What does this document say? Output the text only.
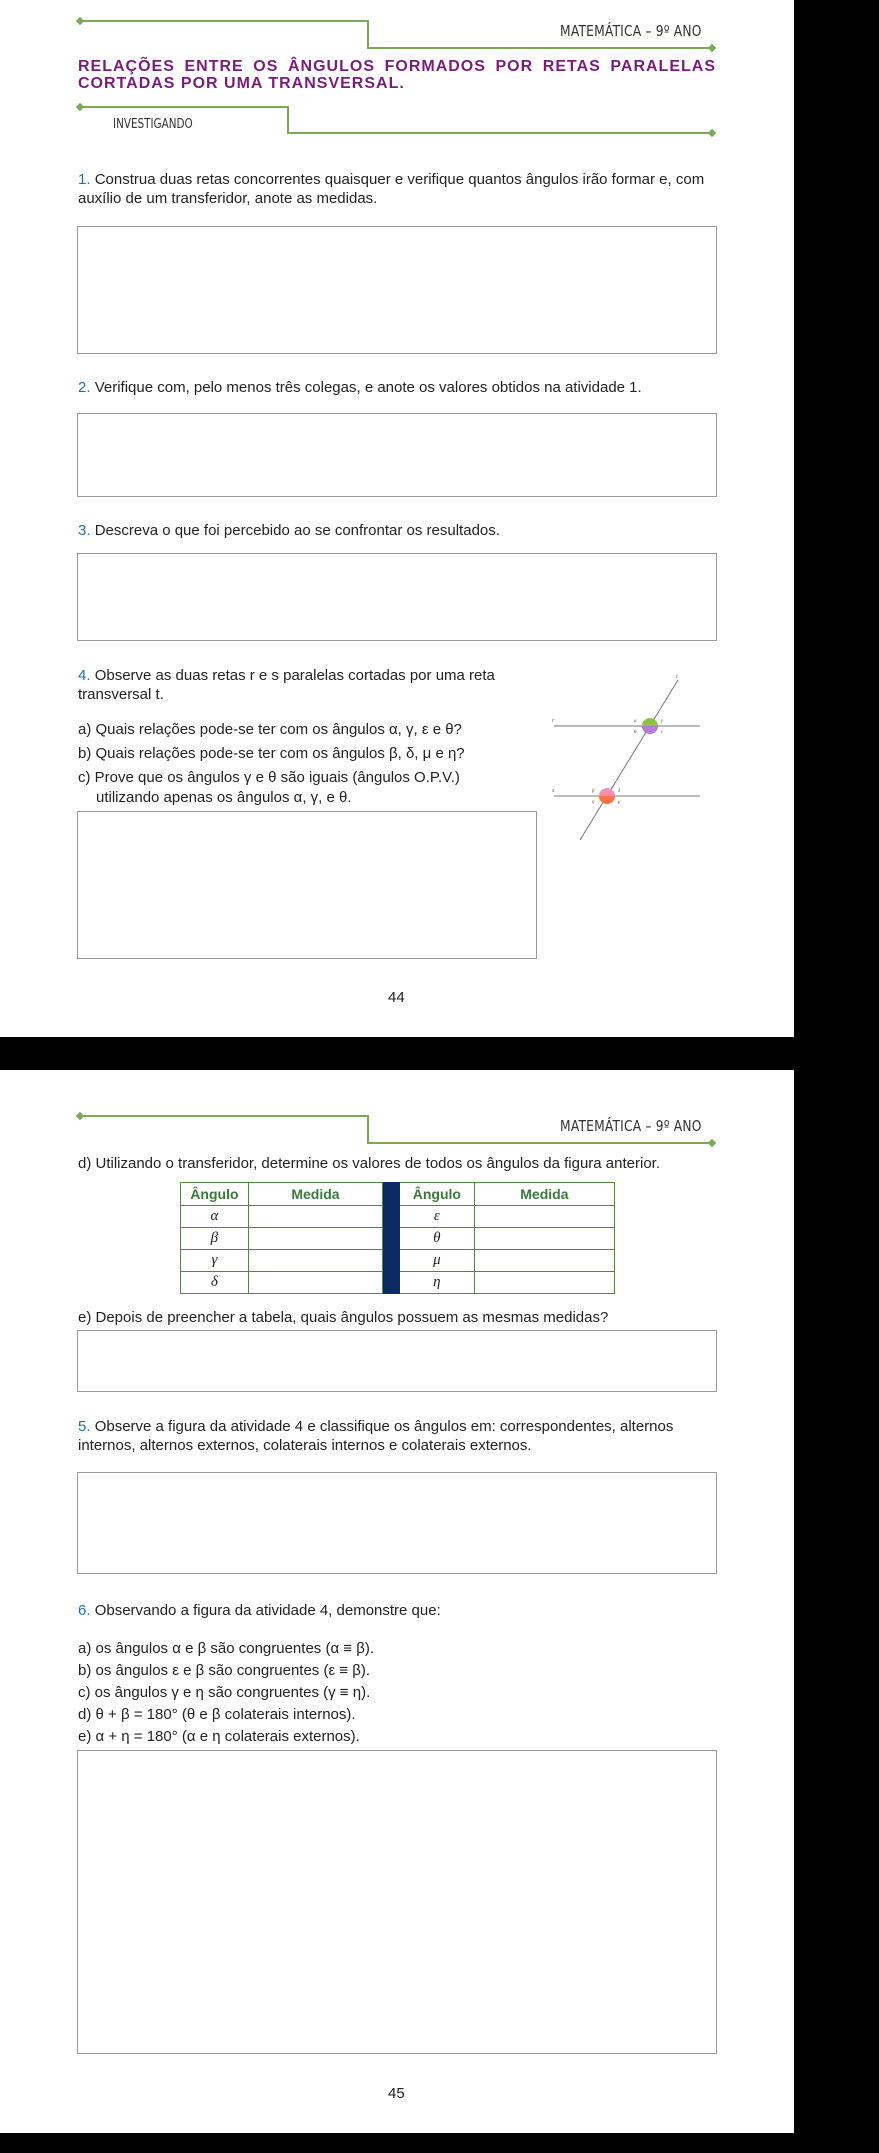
MATEMÁTICA – 9º ANO
RELAÇÕES ENTRE OS ÂNGULOS FORMADOS POR RETAS PARALELAS CORTADAS POR UMA TRANSVERSAL.
INVESTIGANDO
1. Construa duas retas concorrentes quaisquer e verifique quantos ângulos irão formar e, com auxílio de um transferidor, anote as medidas.
2. Verifique com, pelo menos três colegas, e anote os valores obtidos na atividade 1.
3. Descreva o que foi percebido ao se confrontar os resultados.
4. Observe as duas retas r e s paralelas cortadas por uma reta transversal t.
a) Quais relações pode-se ter com os ângulos α, γ, ε e θ?
b) Quais relações pode-se ter com os ângulos β, δ, μ e η?
c) Prove que os ângulos γ e θ são iguais (ângulos O.P.V.)
utilizando apenas os ângulos α, γ, e θ.
t
r
s
α	γ
θ	ε
β	δ
η	μ
44
MATEMÁTICA – 9º ANO
d) Utilizando o transferidor, determine os valores de todos os ângulos da figura anterior.
Ângulo	Medida		Ângulo	Medida
α			ε	
β			θ	
γ			μ	
δ			η	
e) Depois de preencher a tabela, quais ângulos possuem as mesmas medidas?
5. Observe a figura da atividade 4 e classifique os ângulos em: correspondentes, alternos internos, alternos externos, colaterais internos e colaterais externos.
6. Observando a figura da atividade 4, demonstre que:
a) os ângulos α e β são congruentes (α ≡ β).
b) os ângulos ε e β são congruentes (ε ≡ β).
c) os ângulos γ e η são congruentes (γ ≡ η).
d) θ + β = 180° (θ e β colaterais internos).
e) α + η = 180° (α e η colaterais externos).
45
